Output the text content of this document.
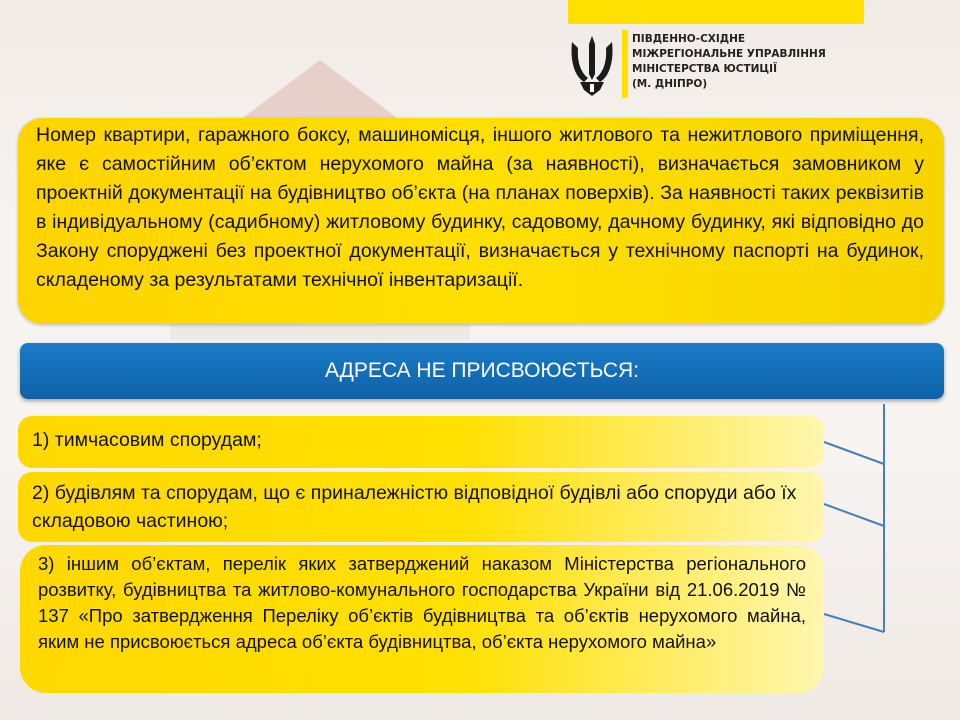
ПІВДЕННО-СХІДНЕ
МІЖРЕГІОНАЛЬНЕ УПРАВЛІННЯ
МІНІСТЕРСТВА ЮСТИЦІЇ
(М. ДНІПРО)
Номер квартири, гаражного боксу, машиномісця, іншого житлового та нежитлового приміщення, яке є самостійним об’єктом нерухомого майна (за наявності), визначається замовником у проектній документації на будівництво об’єкта (на планах поверхів). За наявності таких реквізитів в індивідуальному (садибному) житловому будинку, садовому, дачному будинку, які відповідно до Закону споруджені без проектної документації, визначається у технічному паспорті на будинок, складеному за результатами технічної інвентаризації.
АДРЕСА НЕ ПРИСВОЮЄТЬСЯ:
1) тимчасовим спорудам;
2) будівлям та спорудам, що є приналежністю відповідної будівлі або споруди або їх складовою частиною;
3) іншим об’єктам, перелік яких затверджений наказом Міністерства регіонального розвитку, будівництва та житлово-комунального господарства України від 21.06.2019 № 137 «Про затвердження Переліку об’єктів будівництва та об’єктів нерухомого майна, яким не присвоюється адреса об’єкта будівництва, об’єкта нерухомого майна»
